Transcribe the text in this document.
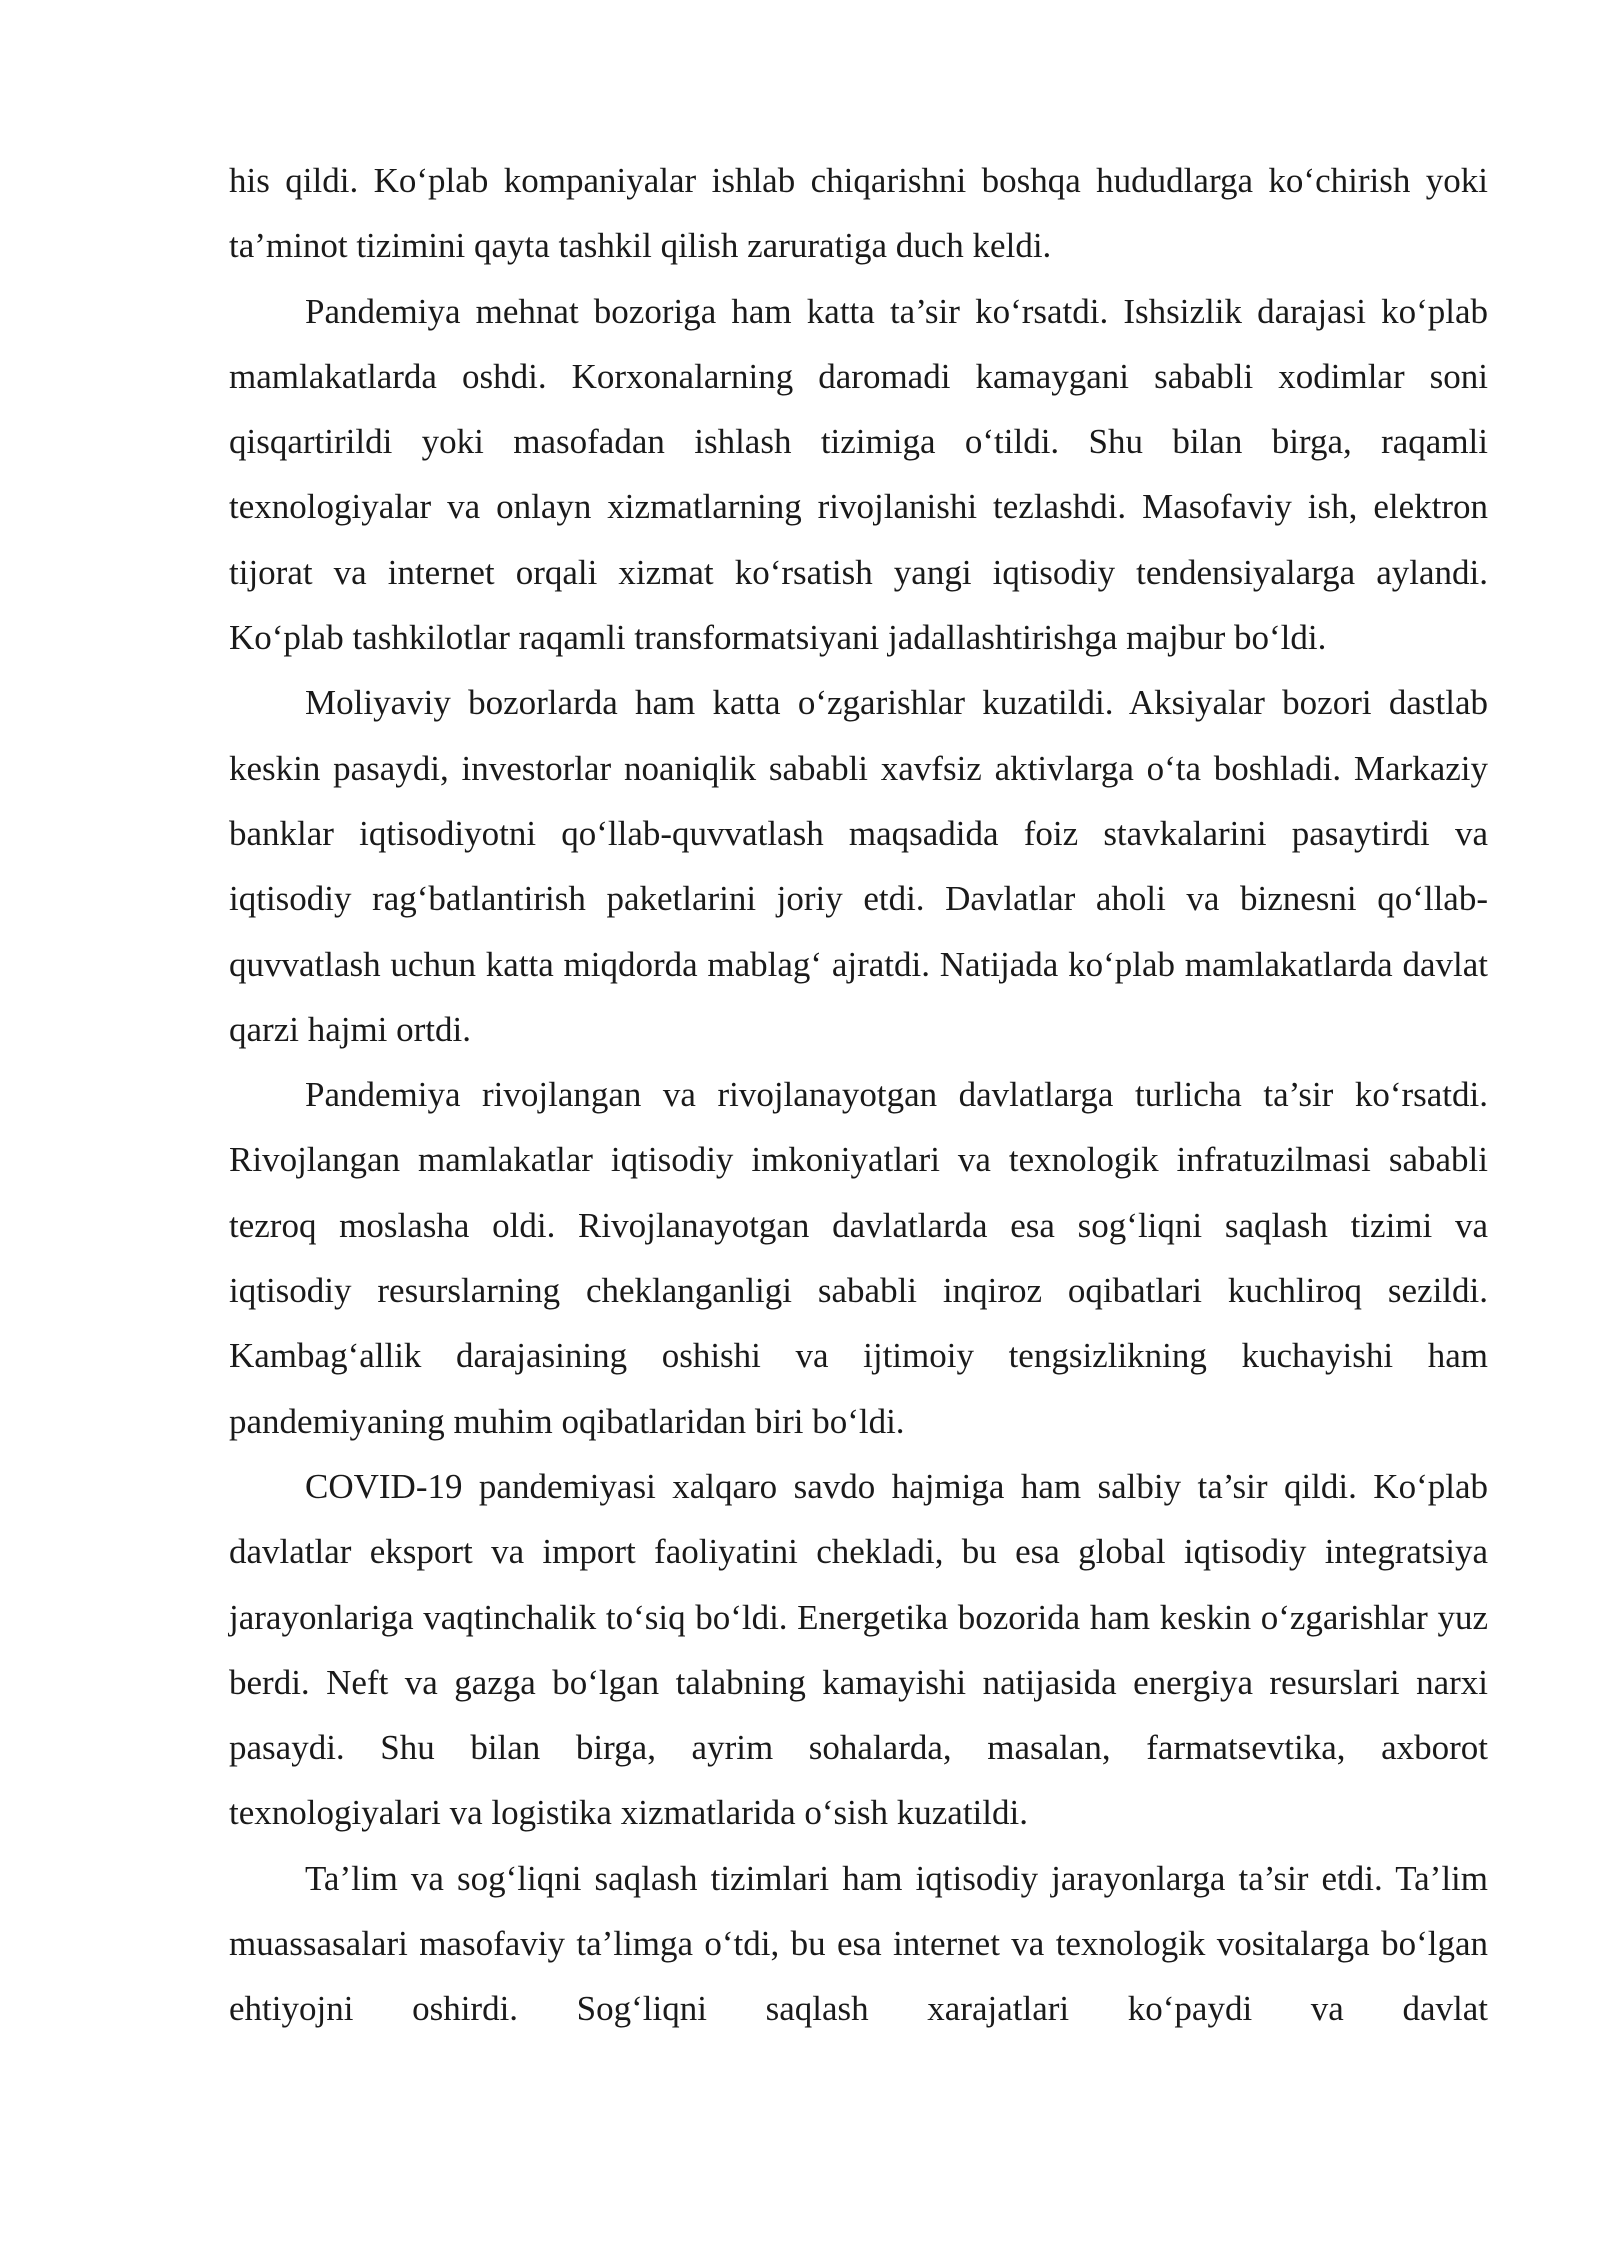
his qildi. Ko‘plab kompaniyalar ishlab chiqarishni boshqa hududlarga ko‘chirish yoki ta’minot tizimini qayta tashkil qilish zaruratiga duch keldi.

Pandemiya mehnat bozoriga ham katta ta’sir ko‘rsatdi. Ishsizlik darajasi ko‘plab mamlakatlarda oshdi. Korxonalarning daromadi kamaygani sababli xodimlar soni qisqartirildi yoki masofadan ishlash tizimiga o‘tildi. Shu bilan birga, raqamli texnologiyalar va onlayn xizmatlarning rivojlanishi tezlashdi. Masofaviy ish, elektron tijorat va internet orqali xizmat ko‘rsatish yangi iqtisodiy tendensiyalarga aylandi. Ko‘plab tashkilotlar raqamli transformatsiyani jadallashtirishga majbur bo‘ldi.

Moliyaviy bozorlarda ham katta o‘zgarishlar kuzatildi. Aksiyalar bozori dastlab keskin pasaydi, investorlar noaniqlik sababli xavfsiz aktivlarga o‘ta boshladi. Markaziy banklar iqtisodiyotni qo‘llab-quvvatlash maqsadida foiz stavkalarini pasaytirdi va iqtisodiy rag‘batlantirish paketlarini joriy etdi. Davlatlar aholi va biznesni qo‘llab-quvvatlash uchun katta miqdorda mablag‘ ajratdi. Natijada ko‘plab mamlakatlarda davlat qarzi hajmi ortdi.

Pandemiya rivojlangan va rivojlanayotgan davlatlarga turlicha ta’sir ko‘rsatdi. Rivojlangan mamlakatlar iqtisodiy imkoniyatlari va texnologik infratuzilmasi sababli tezroq moslasha oldi. Rivojlanayotgan davlatlarda esa sog‘liqni saqlash tizimi va iqtisodiy resurslarning cheklanganligi sababli inqiroz oqibatlari kuchliroq sezildi. Kambag‘allik darajasining oshishi va ijtimoiy tengsizlikning kuchayishi ham pandemiyaning muhim oqibatlaridan biri bo‘ldi.

COVID-19 pandemiyasi xalqaro savdo hajmiga ham salbiy ta’sir qildi. Ko‘plab davlatlar eksport va import faoliyatini chekladi, bu esa global iqtisodiy integratsiya jarayonlariga vaqtinchalik to‘siq bo‘ldi. Energetika bozorida ham keskin o‘zgarishlar yuz berdi. Neft va gazga bo‘lgan talabning kamayishi natijasida energiya resurslari narxi pasaydi. Shu bilan birga, ayrim sohalarda, masalan, farmatsevtika, axborot texnologiyalari va logistika xizmatlarida o‘sish kuzatildi.

Ta’lim va sog‘liqni saqlash tizimlari ham iqtisodiy jarayonlarga ta’sir etdi. Ta’lim muassasalari masofaviy ta’limga o‘tdi, bu esa internet va texnologik vositalarga bo‘lgan ehtiyojni oshirdi. Sog‘liqni saqlash xarajatlari ko‘paydi va davlat
